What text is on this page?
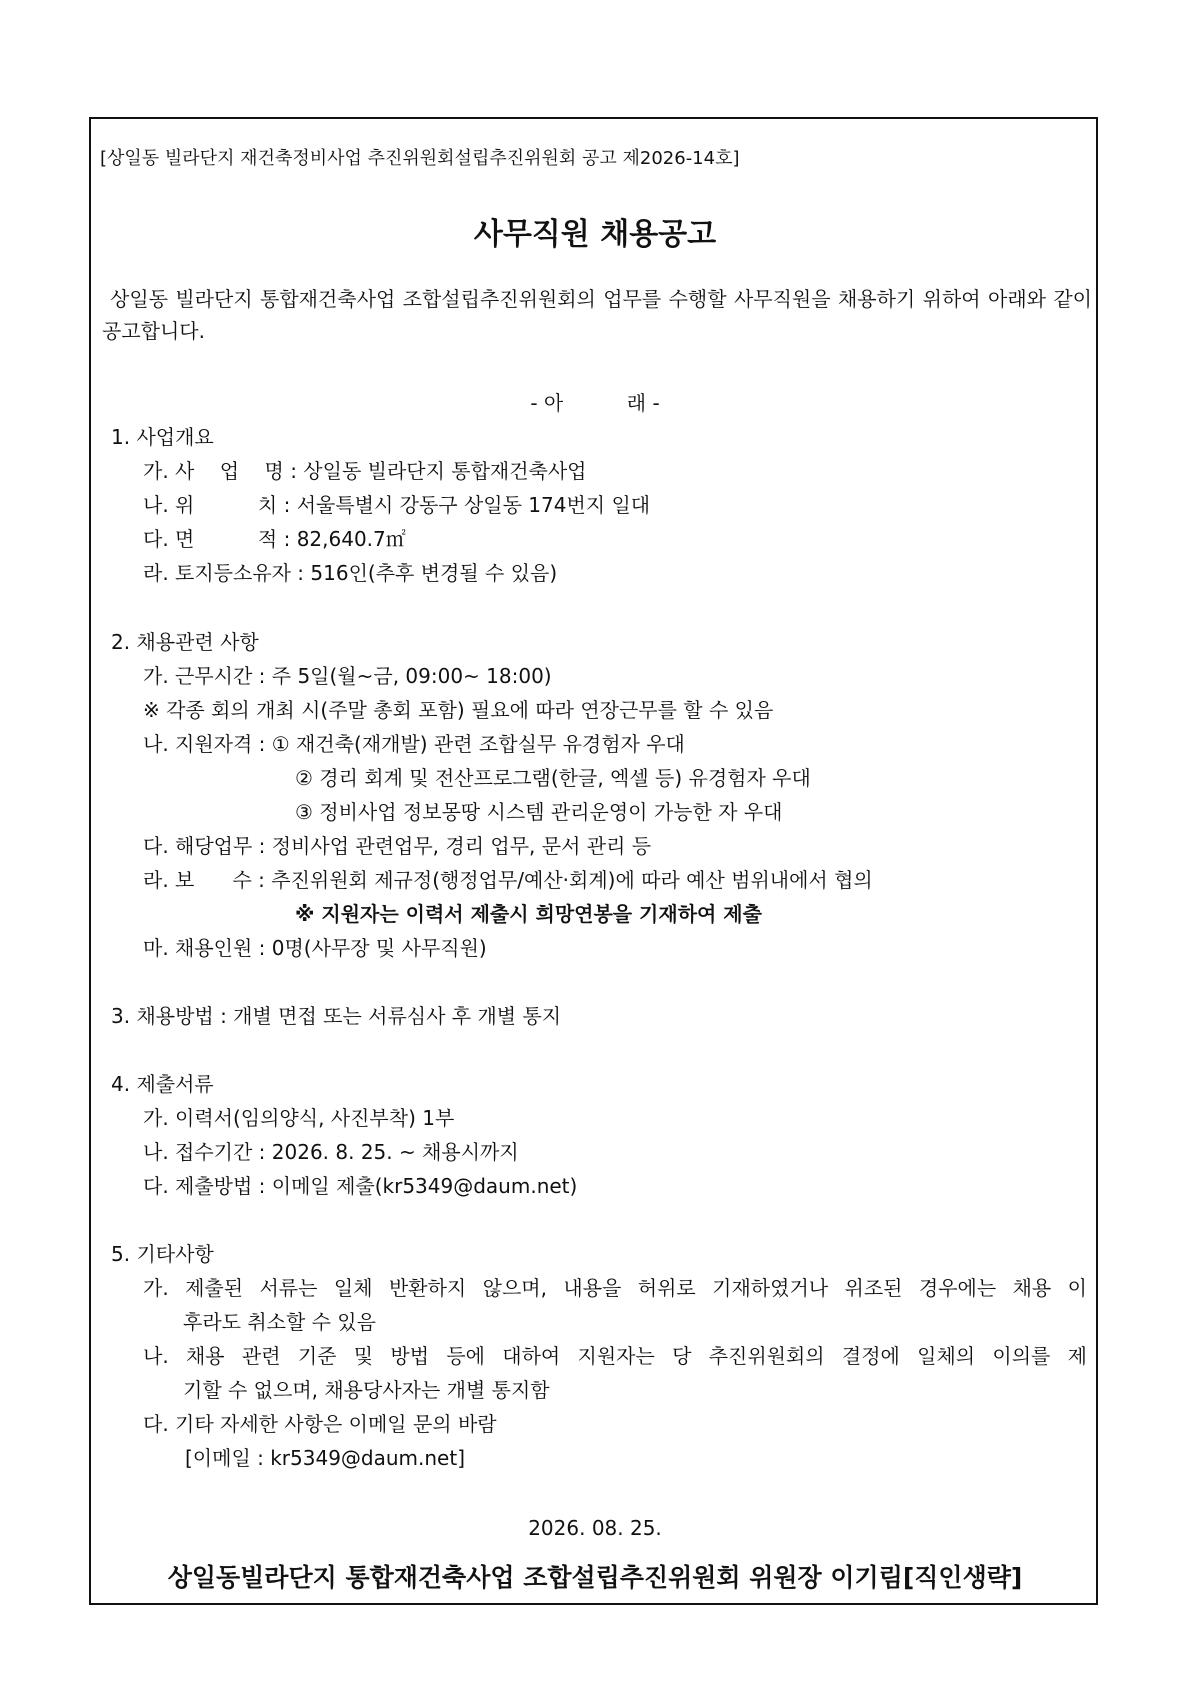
[상일동 빌라단지 재건축정비사업 추진위원회설립추진위원회 공고 제2026-14호]
사무직원 채용공고
상일동 빌라단지 통합재건축사업 조합설립추진위원회의 업무를 수행할 사무직원을 채용하기 위하여 아래와 같이 공고합니다.
- 아          래 -
1. 사업개요
가. 사    업    명 : 상일동 빌라단지 통합재건축사업
나. 위          치 : 서울특별시 강동구 상일동 174번지 일대
다. 면          적 : 82,640.7㎡
라. 토지등소유자 : 516인(추후 변경될 수 있음)
2. 채용관련 사항
가. 근무시간 : 주 5일(월~금, 09:00~ 18:00)
※ 각종 회의 개최 시(주말 총회 포함) 필요에 따라 연장근무를 할 수 있음
나. 지원자격 : ① 재건축(재개발) 관련 조합실무 유경험자 우대
② 경리 회계 및 전산프로그램(한글, 엑셀 등) 유경험자 우대
③ 정비사업 정보몽땅 시스템 관리운영이 가능한 자 우대
다. 해당업무 : 정비사업 관련업무, 경리 업무, 문서 관리 등
라. 보      수 : 추진위원회 제규정(행정업무/예산·회계)에 따라 예산 범위내에서 협의
※ 지원자는 이력서 제출시 희망연봉을 기재하여 제출
마. 채용인원 : 0명(사무장 및 사무직원)
3. 채용방법 : 개별 면접 또는 서류심사 후 개별 통지
4. 제출서류
가. 이력서(임의양식, 사진부착) 1부
나. 접수기간 : 2026. 8. 25. ~ 채용시까지
다. 제출방법 : 이메일 제출(kr5349@daum.net)
5. 기타사항
가. 제출된 서류는 일체 반환하지 않으며, 내용을 허위로 기재하였거나 위조된 경우에는 채용 이
후라도 취소할 수 있음
나. 채용 관련 기준 및 방법 등에 대하여 지원자는 당 추진위원회의 결정에 일체의 이의를 제
기할 수 없으며, 채용당사자는 개별 통지함
다. 기타 자세한 사항은 이메일 문의 바람
[이메일 : kr5349@daum.net]
2026. 08. 25.
상일동빌라단지 통합재건축사업 조합설립추진위원회 위원장 이기림[직인생략]
